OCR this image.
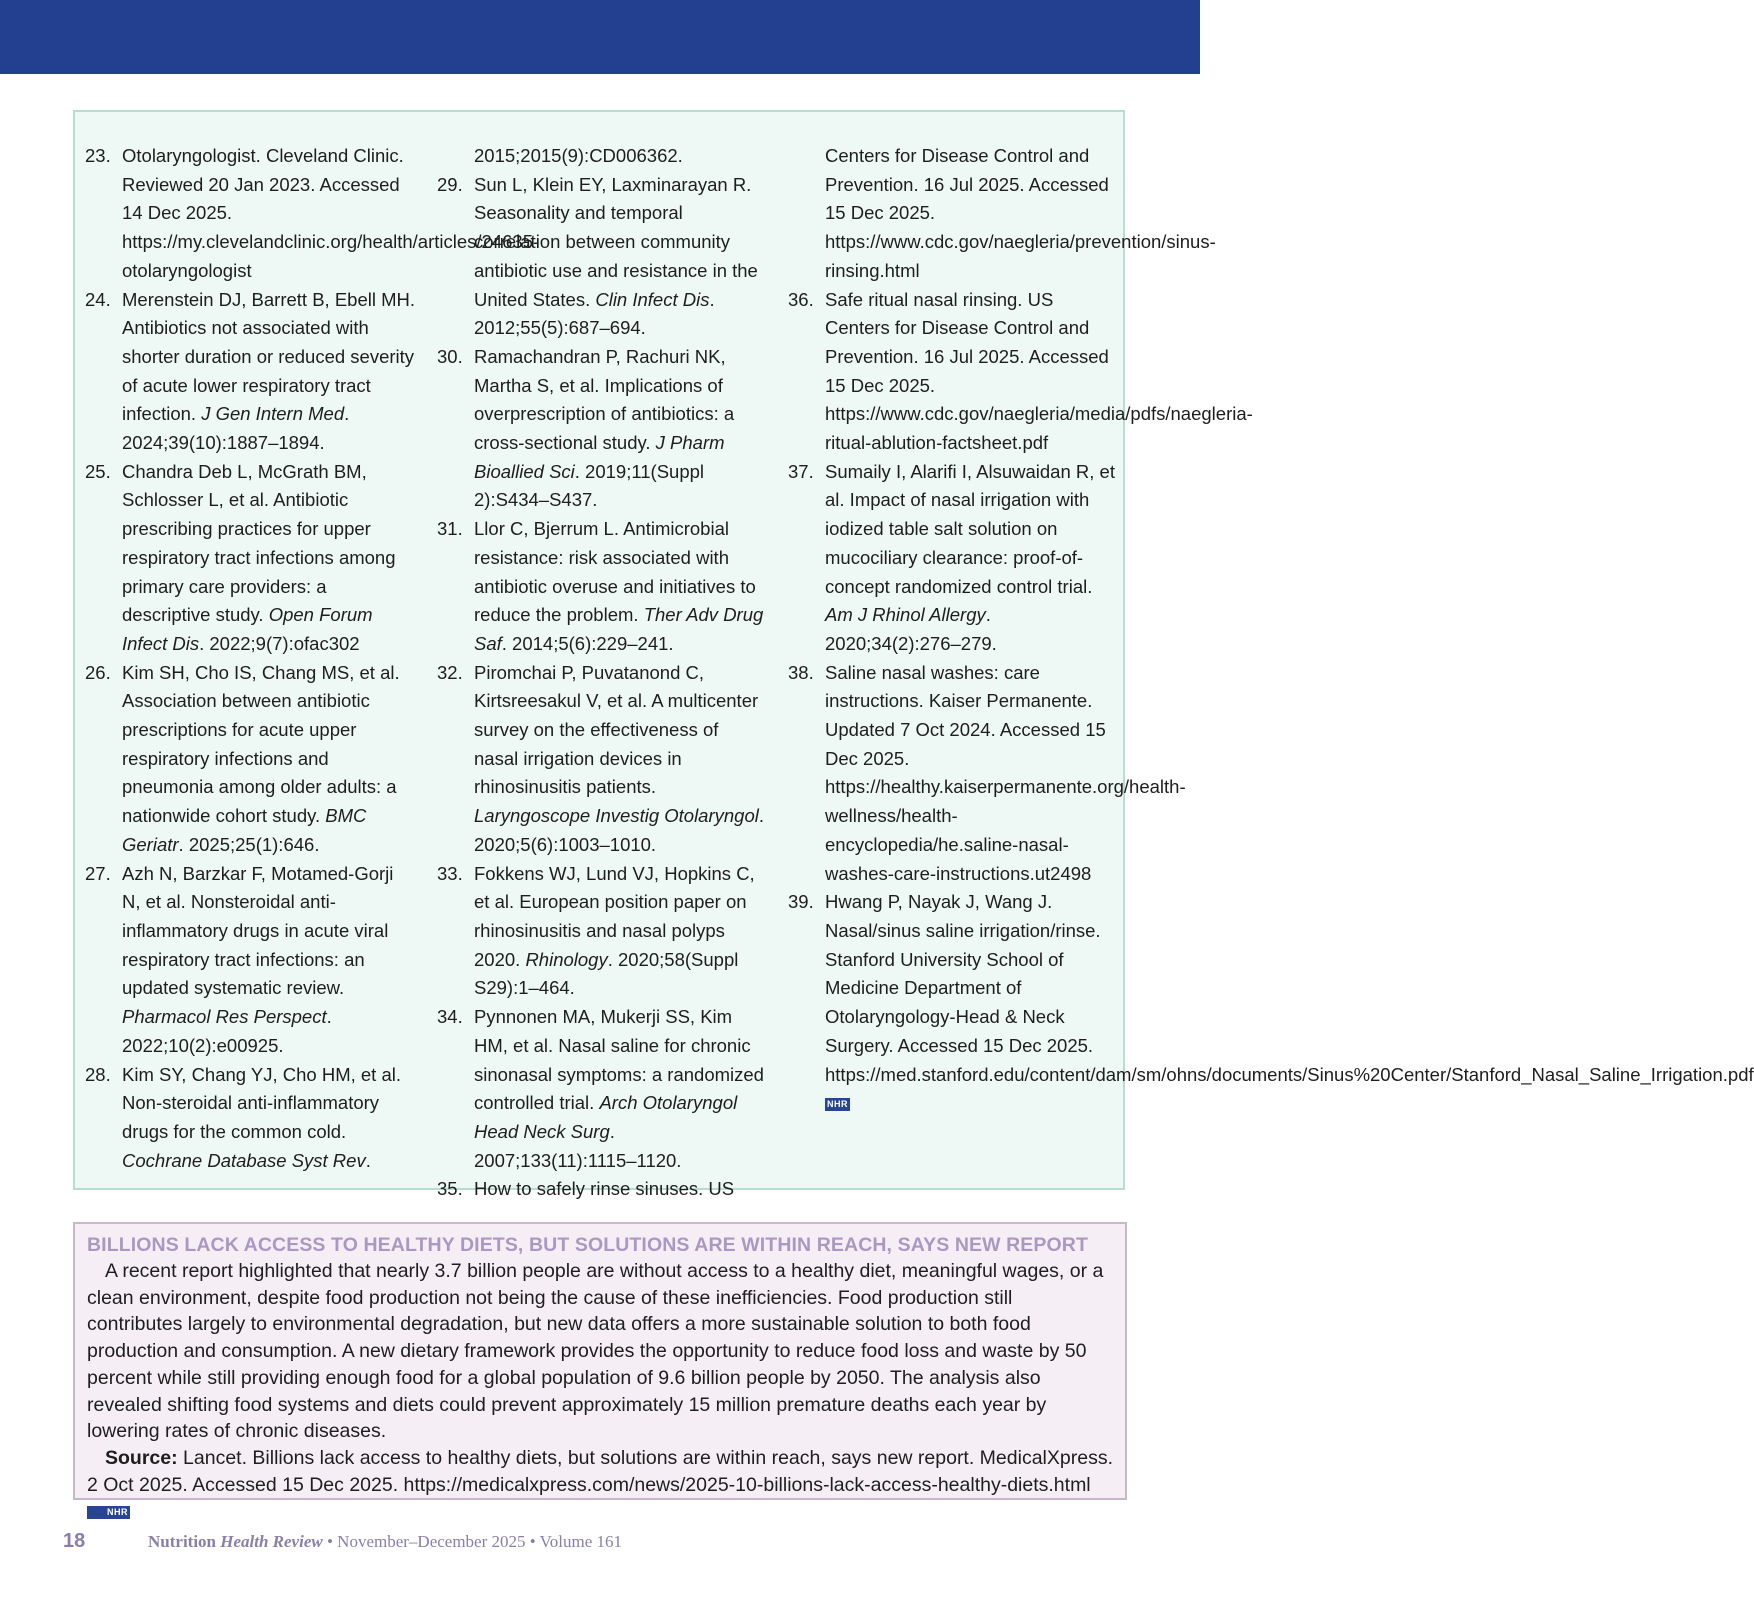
23. Otolaryngologist. Cleveland Clinic. Reviewed 20 Jan 2023. Accessed 14 Dec 2025. https://my.clevelandclinic.org/health/articles/24635-otolaryngologist
24. Merenstein DJ, Barrett B, Ebell MH. Antibiotics not associated with shorter duration or reduced severity of acute lower respiratory tract infection. J Gen Intern Med. 2024;39(10):1887–1894.
25. Chandra Deb L, McGrath BM, Schlosser L, et al. Antibiotic prescribing practices for upper respiratory tract infections among primary care providers: a descriptive study. Open Forum Infect Dis. 2022;9(7):ofac302
26. Kim SH, Cho IS, Chang MS, et al. Association between antibiotic prescriptions for acute upper respiratory infections and pneumonia among older adults: a nationwide cohort study. BMC Geriatr. 2025;25(1):646.
27. Azh N, Barzkar F, Motamed-Gorji N, et al. Nonsteroidal anti-inflammatory drugs in acute viral respiratory tract infections: an updated systematic review. Pharmacol Res Perspect. 2022;10(2):e00925.
28. Kim SY, Chang YJ, Cho HM, et al. Non-steroidal anti-inflammatory drugs for the common cold. Cochrane Database Syst Rev.
2015;2015(9):CD006362.
29. Sun L, Klein EY, Laxminarayan R. Seasonality and temporal correlation between community antibiotic use and resistance in the United States. Clin Infect Dis. 2012;55(5):687–694.
30. Ramachandran P, Rachuri NK, Martha S, et al. Implications of overprescription of antibiotics: a cross-sectional study. J Pharm Bioallied Sci. 2019;11(Suppl 2):S434–S437.
31. Llor C, Bjerrum L. Antimicrobial resistance: risk associated with antibiotic overuse and initiatives to reduce the problem. Ther Adv Drug Saf. 2014;5(6):229–241.
32. Piromchai P, Puvatanond C, Kirtsreesakul V, et al. A multicenter survey on the effectiveness of nasal irrigation devices in rhinosinusitis patients. Laryngoscope Investig Otolaryngol. 2020;5(6):1003–1010.
33. Fokkens WJ, Lund VJ, Hopkins C, et al. European position paper on rhinosinusitis and nasal polyps 2020. Rhinology. 2020;58(Suppl S29):1–464.
34. Pynnonen MA, Mukerji SS, Kim HM, et al. Nasal saline for chronic sinonasal symptoms: a randomized controlled trial. Arch Otolaryngol Head Neck Surg. 2007;133(11):1115–1120.
35. How to safely rinse sinuses. US
Centers for Disease Control and Prevention. 16 Jul 2025. Accessed 15 Dec 2025. https://www.cdc.gov/naegleria/prevention/sinus-rinsing.html
36. Safe ritual nasal rinsing. US Centers for Disease Control and Prevention. 16 Jul 2025. Accessed 15 Dec 2025. https://www.cdc.gov/naegleria/media/pdfs/naegleria-ritual-ablution-factsheet.pdf
37. Sumaily I, Alarifi I, Alsuwaidan R, et al. Impact of nasal irrigation with iodized table salt solution on mucociliary clearance: proof-of-concept randomized control trial. Am J Rhinol Allergy. 2020;34(2):276–279.
38. Saline nasal washes: care instructions. Kaiser Permanente. Updated 7 Oct 2024. Accessed 15 Dec 2025. https://healthy.kaiserpermanente.org/health-wellness/health-encyclopedia/he.saline-nasal-washes-care-instructions.ut2498
39. Hwang P, Nayak J, Wang J. Nasal/sinus saline irrigation/rinse. Stanford University School of Medicine Department of Otolaryngology-Head & Neck Surgery. Accessed 15 Dec 2025. https://med.stanford.edu/content/dam/sm/ohns/documents/Sinus%20Center/Stanford_Nasal_Saline_Irrigation.pdf NHR
BILLIONS LACK ACCESS TO HEALTHY DIETS, BUT SOLUTIONS ARE WITHIN REACH, SAYS NEW REPORT

A recent report highlighted that nearly 3.7 billion people are without access to a healthy diet, meaningful wages, or a clean environment, despite food production not being the cause of these inefficiencies. Food production still contributes largely to environmental degradation, but new data offers a more sustainable solution to both food production and consumption. A new dietary framework provides the opportunity to reduce food loss and waste by 50 percent while still providing enough food for a global population of 9.6 billion people by 2050. The analysis also revealed shifting food systems and diets could prevent approximately 15 million premature deaths each year by lowering rates of chronic diseases.

Source: Lancet. Billions lack access to healthy diets, but solutions are within reach, says new report. MedicalXpress. 2 Oct 2025. Accessed 15 Dec 2025. https://medicalxpress.com/news/2025-10-billions-lack-access-healthy-diets.html NHR

18	Nutrition Health Review • November–December 2025 • Volume 161
